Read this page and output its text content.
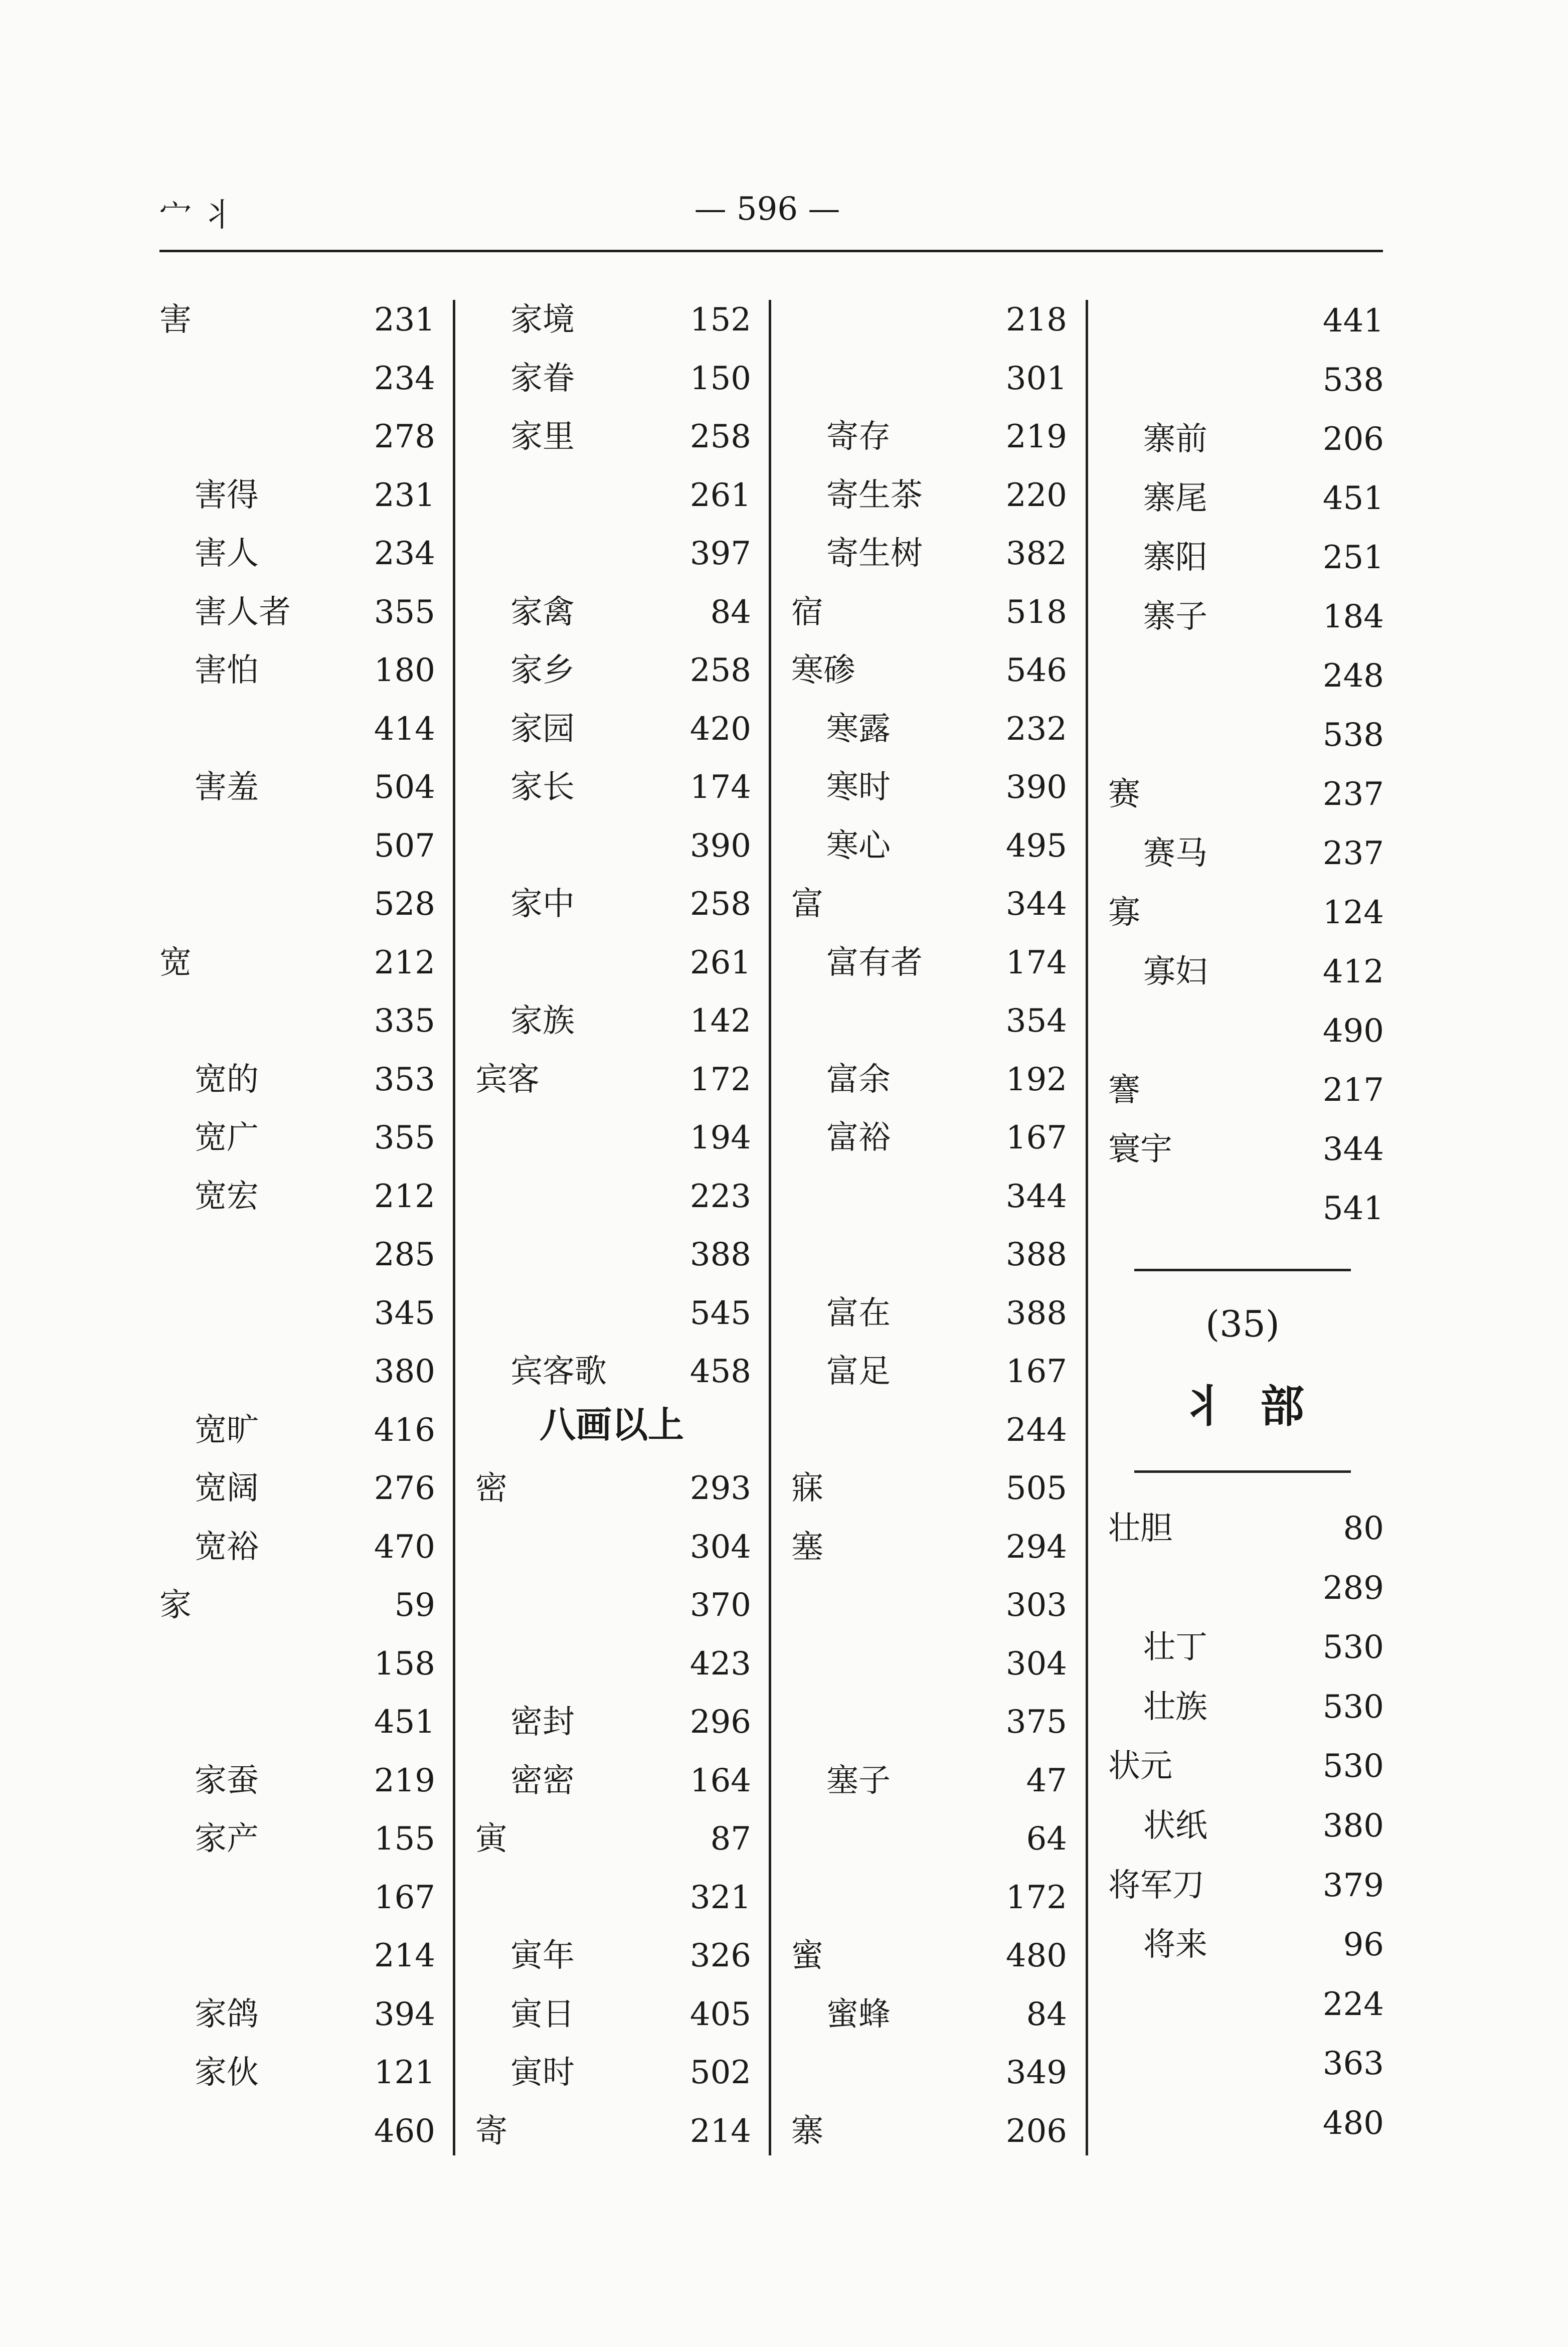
宀丬	— 596 —
害	231
234
278
害得	231
害人	234
害人者	355
害怕	180
414
害羞	504
507
528
宽	212
335
宽的	353
宽广	355
宽宏	212
285
345
380
宽旷	416
宽阔	276
宽裕	470
家	59
158
451
家蚕	219
家产	155
167
214
家鸽	394
家伙	121
460
家境	152
家眷	150
家里	258
261
397
家禽	84
家乡	258
家园	420
家长	174
390
家中	258
261
家族	142
宾客	172
194
223
388
545
宾客歌	458
密	293
304
370
423
密封	296
密密	164
寅	87
321
寅年	326
寅日	405
寅时	502
寄	214
218
301
寄存	219
寄生茶	220
寄生树	382
宿	518
寒碜	546
寒露	232
寒时	390
寒心	495
富	344
富有者	174
354
富余	192
富裕	167
344
388
富在	388
富足	167
244
寐	505
塞	294
303
304
375
塞子	47
64
172
蜜	480
蜜蜂	84
349
寨	206
441
538
寨前	206
寨尾	451
寨阳	251
寨子	184
248
538
赛	237
赛马	237
寡	124
寡妇	412
490
謇	217
寰宇	344
541
壮胆	80
289
壮丁	530
壮族	530
状元	530
状纸	380
将军刀	379
将来	96
224
363
480
八画以上
(35)
丬部
